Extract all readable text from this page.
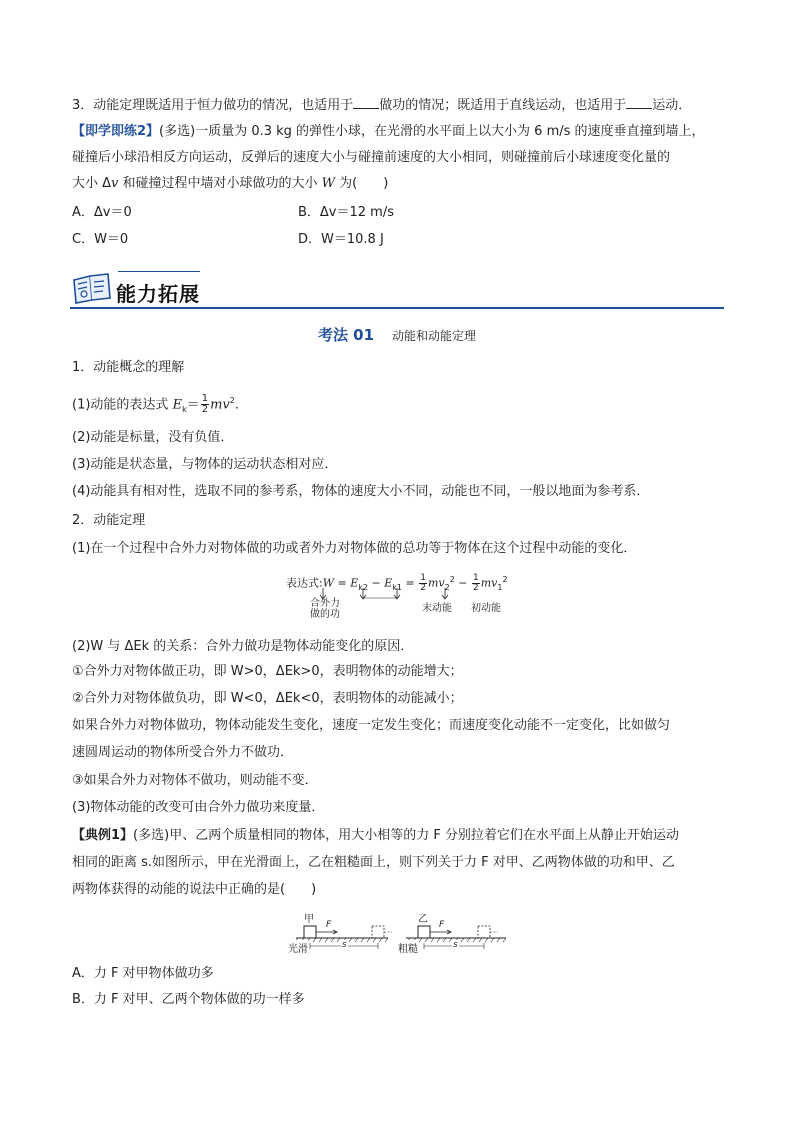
3．动能定理既适用于恒力做功的情况，也适用于 做功的情况；既适用于直线运动，也适用于 运动．
【即学即练2】(多选)一质量为 0.3 kg 的弹性小球，在光滑的水平面上以大小为 6 m/s 的速度垂直撞到墙上，
碰撞后小球沿相反方向运动，反弹后的速度大小与碰撞前速度的大小相同，则碰撞前后小球速度变化量的
大小 Δv 和碰撞过程中墙对小球做功的大小 W 为(　　)
A．Δv＝0	B．Δv＝12 m/s
C．W＝0	D．W＝10.8 J
能力拓展
考法 01 动能和动能定理
1．动能概念的理解
(1)动能的表达式 $E_k= \frac{1}{2} mv^2$.
(2)动能是标量，没有负值．
(3)动能是状态量，与物体的运动状态相对应．
(4)动能具有相对性，选取不同的参考系，物体的速度大小不同，动能也不同，一般以地面为参考系．
2．动能定理
(1)在一个过程中合外力对物体做的功或者外力对物体做的总功等于物体在这个过程中动能的变化．
表达式:W = $E_{k2} - E_{k1} = \frac{1}{2} mv_2^2 - \frac{1}{2} mv_1^2$
合外力
做的功
末动能 初动能
(2)W 与 ΔEk 的关系：合外力做功是物体动能变化的原因．
①合外力对物体做正功，即 W>0，ΔEk>0，表明物体的动能增大；
②合外力对物体做负功，即 W<0，ΔEk<0，表明物体的动能减小；
如果合外力对物体做功，物体动能发生变化，速度一定发生变化；而速度变化动能不一定变化，比如做匀
速圆周运动的物体所受合外力不做功．
③如果合外力对物体不做功，则动能不变．
(3)物体动能的改变可由合外力做功来度量．
【典例1】(多选)甲、乙两个质量相同的物体，用大小相等的力 F 分别拉着它们在水平面上从静止开始运动
相同的距离 s.如图所示，甲在光滑面上，乙在粗糙面上，则下列关于力 F 对甲、乙两物体做的功和甲、乙
两物体获得的动能的说法中正确的是(　　)
甲 F
s
光滑
乙 F
s
粗糙
A．力 F 对甲物体做功多
B．力 F 对甲、乙两个物体做的功一样多
